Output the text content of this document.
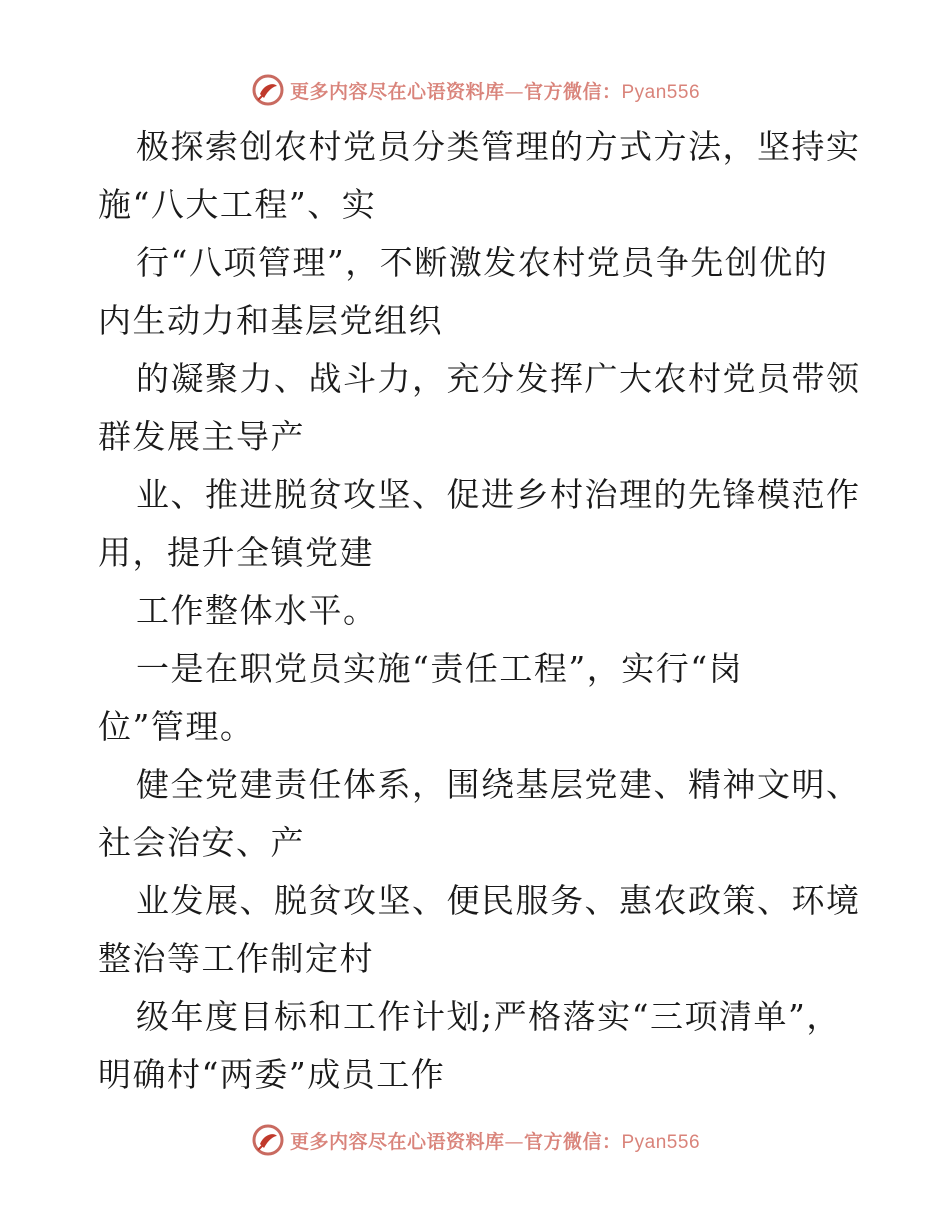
更多内容尽在心语资料库—官方微信：Pyan556

极探索创农村党员分类管理的方式方法，坚持实
施“八大工程”、实

行“八项管理”，不断激发农村党员争先创优的
内生动力和基层党组织

的凝聚力、战斗力，充分发挥广大农村党员带领
群发展主导产

业、推进脱贫攻坚、促进乡村治理的先锋模范作
用，提升全镇党建

工作整体水平。

一是在职党员实施“责任工程”，实行“岗
位”管理。

健全党建责任体系，围绕基层党建、精神文明、
社会治安、产

业发展、脱贫攻坚、便民服务、惠农政策、环境
整治等工作制定村

级年度目标和工作计划;严格落实“三项清单”，
明确村“两委”成员工作

更多内容尽在心语资料库—官方微信：Pyan556
